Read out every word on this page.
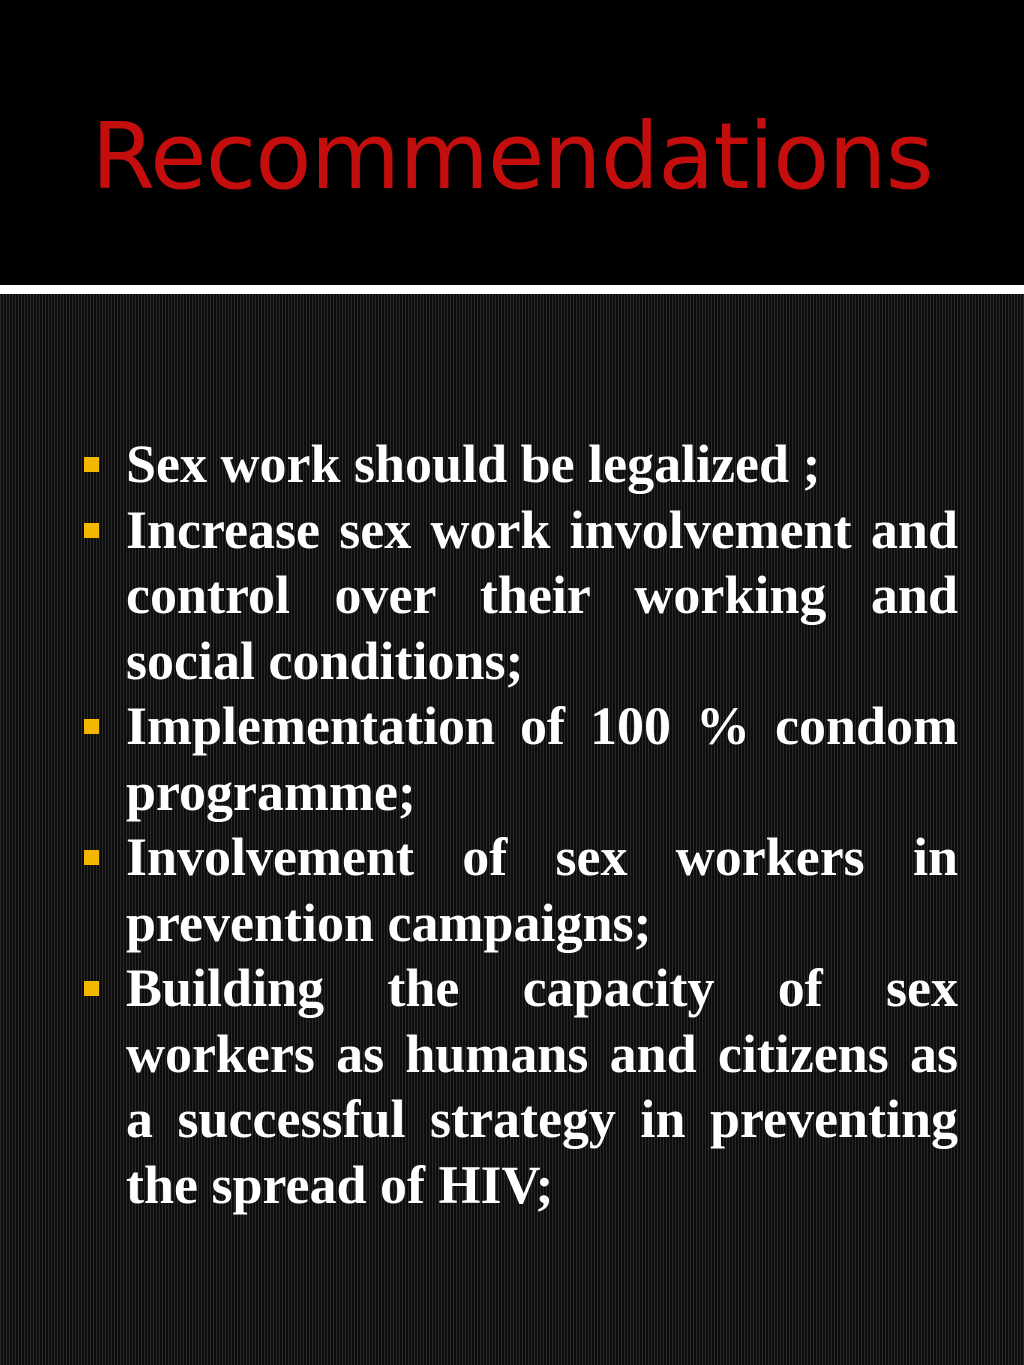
Recommendations
Sex work should be legalized ;
Increase sex work involvement and control over their working and social conditions;
Implementation of 100 % condom programme;
Involvement of sex workers in prevention campaigns;
Building the capacity of sex workers as humans and citizens as a successful strategy in preventing the spread of HIV;
